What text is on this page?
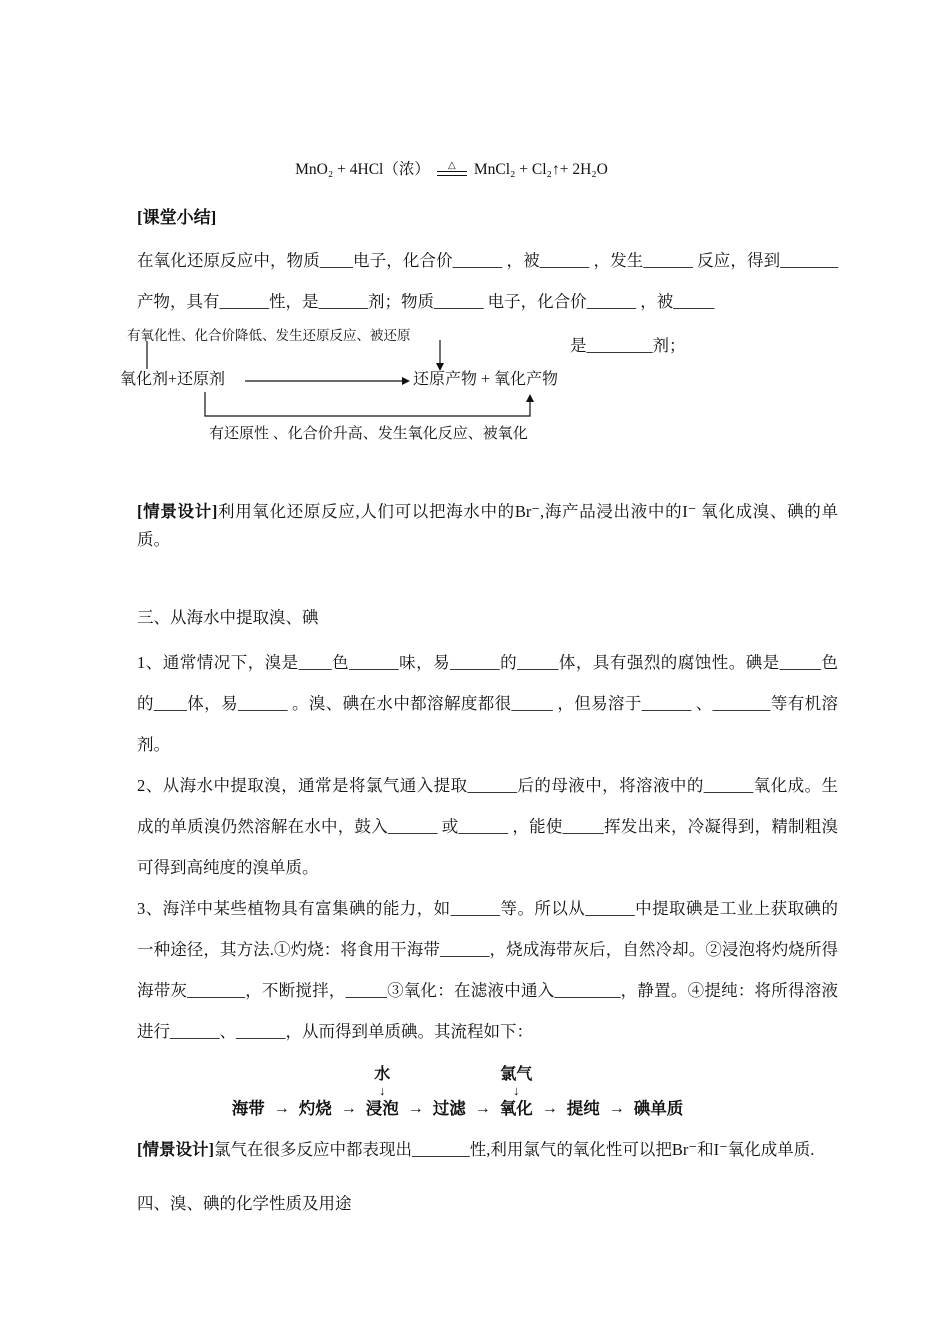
MnO₂ + 4HCl（浓） △ MnCl₂ + Cl₂↑+ 2H₂O
[课堂小结]

在氧化还原反应中，物质____电子，化合价______ ，被______ ，发生______ 反应，得到_______产物，具有______性，是______剂；物质______ 电子，化合价______ ，被_____

有氧化性、化合价降低、发生还原反应、被还原
是________剂；
氧化剂+还原剂	还原产物 + 氧化产物
有还原性 、化合价升高、发生氧化反应、被氧化

[情景设计]利用氧化还原反应,人们可以把海水中的Br⁻,海产品浸出液中的I⁻ 氧化成溴、碘的单质。

三、从海水中提取溴、碘

1、通常情况下，溴是____色______味，易______的_____体，具有强烈的腐蚀性。碘是_____色的____体，易______ 。溴、碘在水中都溶解度都很_____ ，但易溶于______ 、_______等有机溶剂。

2、从海水中提取溴，通常是将氯气通入提取______后的母液中，将溶液中的______氧化成。生成的单质溴仍然溶解在水中，鼓入______ 或______ ，能使_____挥发出来，冷凝得到，精制粗溴可得到高纯度的溴单质。

3、海洋中某些植物具有富集碘的能力，如______等。所以从______中提取碘是工业上获取碘的一种途径，其方法.①灼烧：将食用干海带______，烧成海带灰后，自然冷却。②浸泡将灼烧所得海带灰_______，不断搅拌，_____③氧化：在滤液中通入________，静置。④提纯：将所得溶液进行______、______，从而得到单质碘。其流程如下：

海带 → 灼烧 →
水
↓
浸泡 → 过滤 →
氯气
↓
氧化 → 提纯 → 碘单质

[情景设计]氯气在很多反应中都表现出_______性,利用氯气的氧化性可以把Br⁻和I⁻氧化成单质.

四、溴、碘的化学性质及用途
